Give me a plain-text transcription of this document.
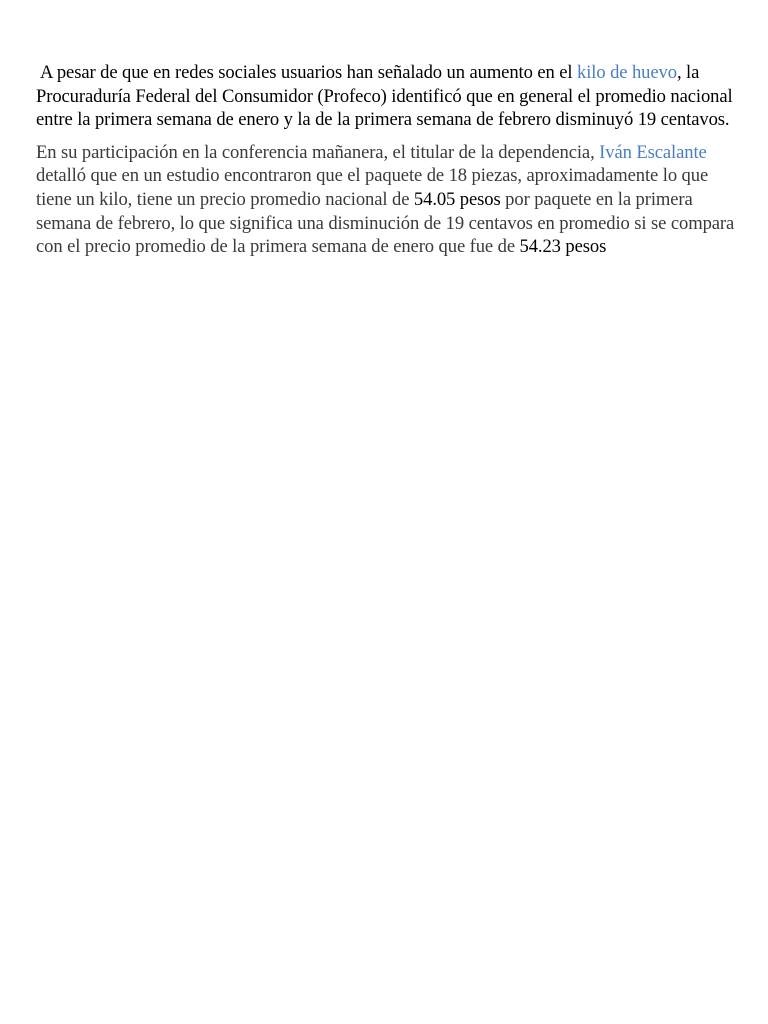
A pesar de que en redes sociales usuarios han señalado un aumento en el kilo de huevo, la Procuraduría Federal del Consumidor (Profeco) identificó que en general el promedio nacional entre la primera semana de enero y la de la primera semana de febrero disminuyó 19 centavos.

En su participación en la conferencia mañanera, el titular de la dependencia, Iván Escalante detalló que en un estudio encontraron que el paquete de 18 piezas, aproximadamente lo que tiene un kilo, tiene un precio promedio nacional de 54.05 pesos por paquete en la primera semana de febrero, lo que significa una disminución de 19 centavos en promedio si se compara con el precio promedio de la primera semana de enero que fue de 54.23 pesos
